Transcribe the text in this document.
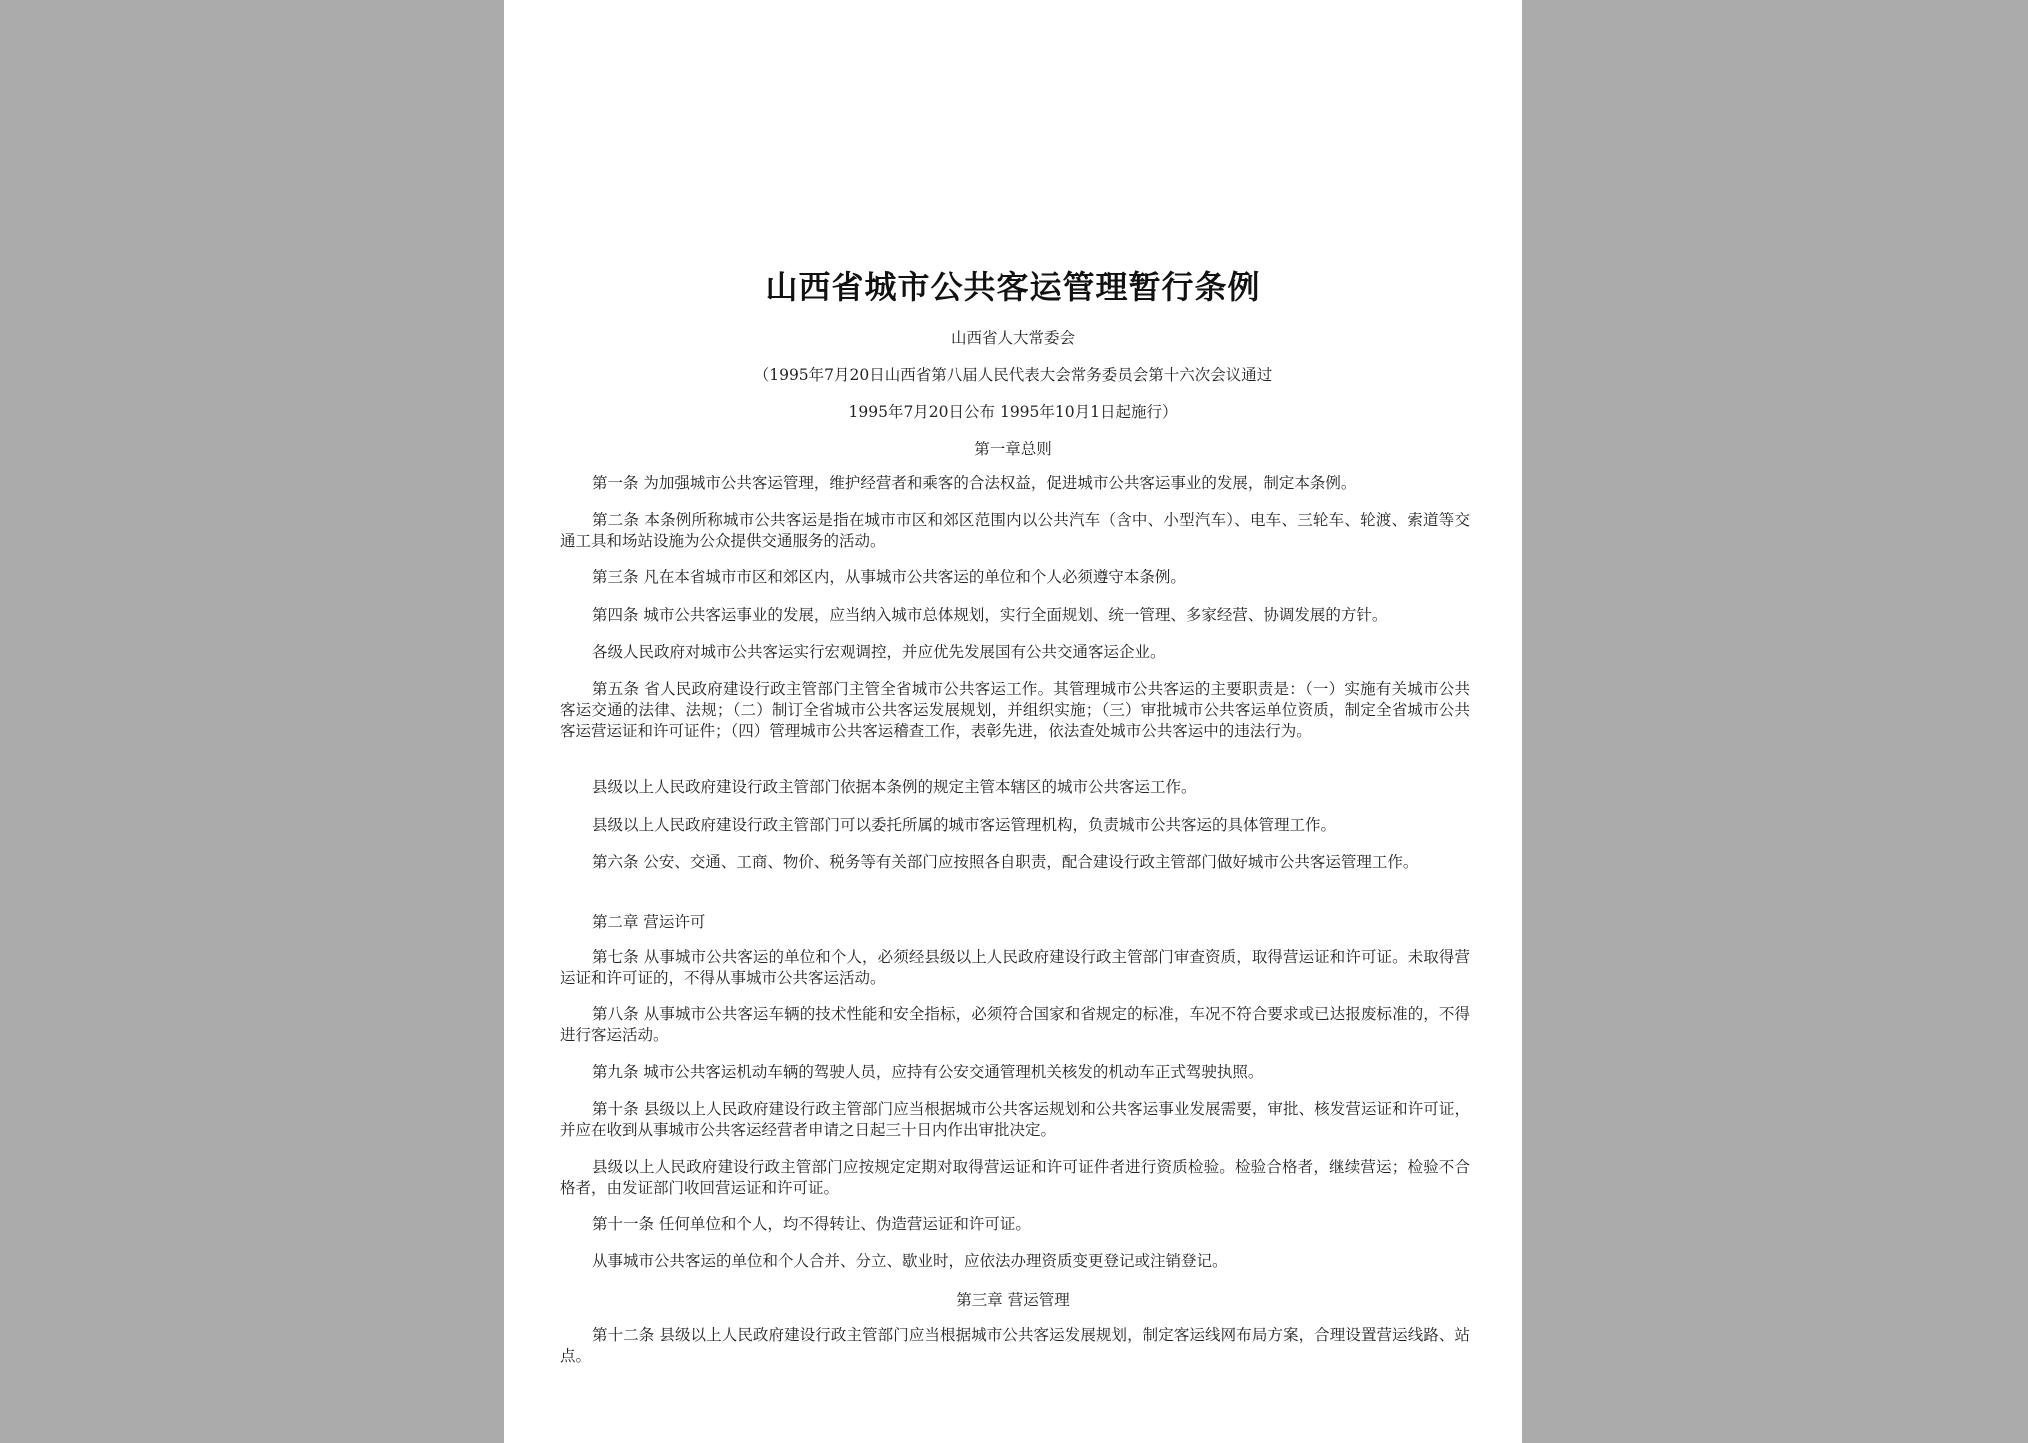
山西省城市公共客运管理暂行条例
山西省人大常委会
（1995年7月20日山西省第八届人民代表大会常务委员会第十六次会议通过
1995年7月20日公布 1995年10月1日起施行）
第一章总则
第一条 为加强城市公共客运管理，维护经营者和乘客的合法权益，促进城市公共客运事业的发展，制定本条例。
第二条 本条例所称城市公共客运是指在城市市区和郊区范围内以公共汽车（含中、小型汽车）、电车、三轮车、轮渡、索道等交通工具和场站设施为公众提供交通服务的活动。
第三条 凡在本省城市市区和郊区内，从事城市公共客运的单位和个人必须遵守本条例。
第四条 城市公共客运事业的发展，应当纳入城市总体规划，实行全面规划、统一管理、多家经营、协调发展的方针。
各级人民政府对城市公共客运实行宏观调控，并应优先发展国有公共交通客运企业。
第五条 省人民政府建设行政主管部门主管全省城市公共客运工作。其管理城市公共客运的主要职责是：（一）实施有关城市公共客运交通的法律、法规；（二）制订全省城市公共客运发展规划，并组织实施；（三）审批城市公共客运单位资质，制定全省城市公共客运营运证和许可证件；（四）管理城市公共客运稽查工作，表彰先进，依法查处城市公共客运中的违法行为。
县级以上人民政府建设行政主管部门依据本条例的规定主管本辖区的城市公共客运工作。
县级以上人民政府建设行政主管部门可以委托所属的城市客运管理机构，负责城市公共客运的具体管理工作。
第六条 公安、交通、工商、物价、税务等有关部门应按照各自职责，配合建设行政主管部门做好城市公共客运管理工作。
第二章 营运许可
第七条 从事城市公共客运的单位和个人，必须经县级以上人民政府建设行政主管部门审查资质，取得营运证和许可证。未取得营运证和许可证的，不得从事城市公共客运活动。
第八条 从事城市公共客运车辆的技术性能和安全指标，必须符合国家和省规定的标准，车况不符合要求或已达报废标准的，不得进行客运活动。
第九条 城市公共客运机动车辆的驾驶人员，应持有公安交通管理机关核发的机动车正式驾驶执照。
第十条 县级以上人民政府建设行政主管部门应当根据城市公共客运规划和公共客运事业发展需要，审批、核发营运证和许可证，并应在收到从事城市公共客运经营者申请之日起三十日内作出审批决定。
县级以上人民政府建设行政主管部门应按规定定期对取得营运证和许可证件者进行资质检验。检验合格者，继续营运；检验不合格者，由发证部门收回营运证和许可证。
第十一条 任何单位和个人，均不得转让、伪造营运证和许可证。
从事城市公共客运的单位和个人合并、分立、歇业时，应依法办理资质变更登记或注销登记。
第三章 营运管理
第十二条 县级以上人民政府建设行政主管部门应当根据城市公共客运发展规划，制定客运线网布局方案，合理设置营运线路、站点。
